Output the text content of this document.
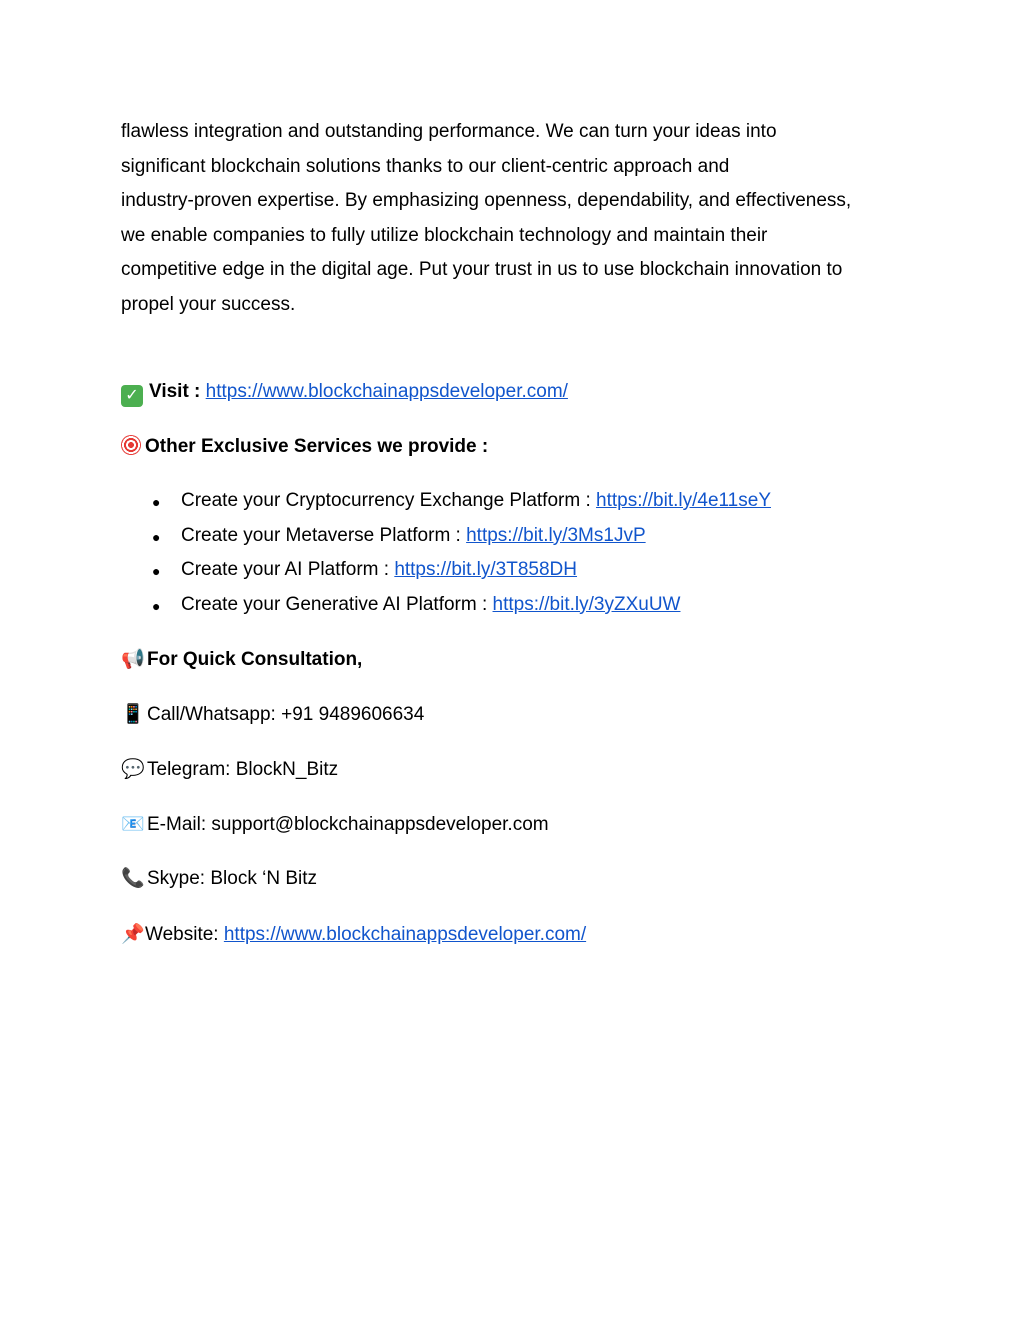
flawless integration and outstanding performance. We can turn your ideas into
significant blockchain solutions thanks to our client-centric approach and
industry-proven expertise. By emphasizing openness, dependability, and effectiveness,
we enable companies to fully utilize blockchain technology and maintain their
competitive edge in the digital age. Put your trust in us to use blockchain innovation to
propel your success.

✓ Visit : https://www.blockchainappsdeveloper.com/
Other Exclusive Services we provide :
● Create your Cryptocurrency Exchange Platform : https://bit.ly/4e11seY
● Create your Metaverse Platform : https://bit.ly/3Ms1JvP
● Create your AI Platform : https://bit.ly/3T858DH
● Create your Generative AI Platform : https://bit.ly/3yZXuUW
📢 For Quick Consultation,
📱 Call/Whatsapp: +91 9489606634
💬 Telegram: BlockN_Bitz
📧 E-Mail: support@blockchainappsdeveloper.com
📞 Skype: Block ‘N Bitz
📌Website: https://www.blockchainappsdeveloper.com/
